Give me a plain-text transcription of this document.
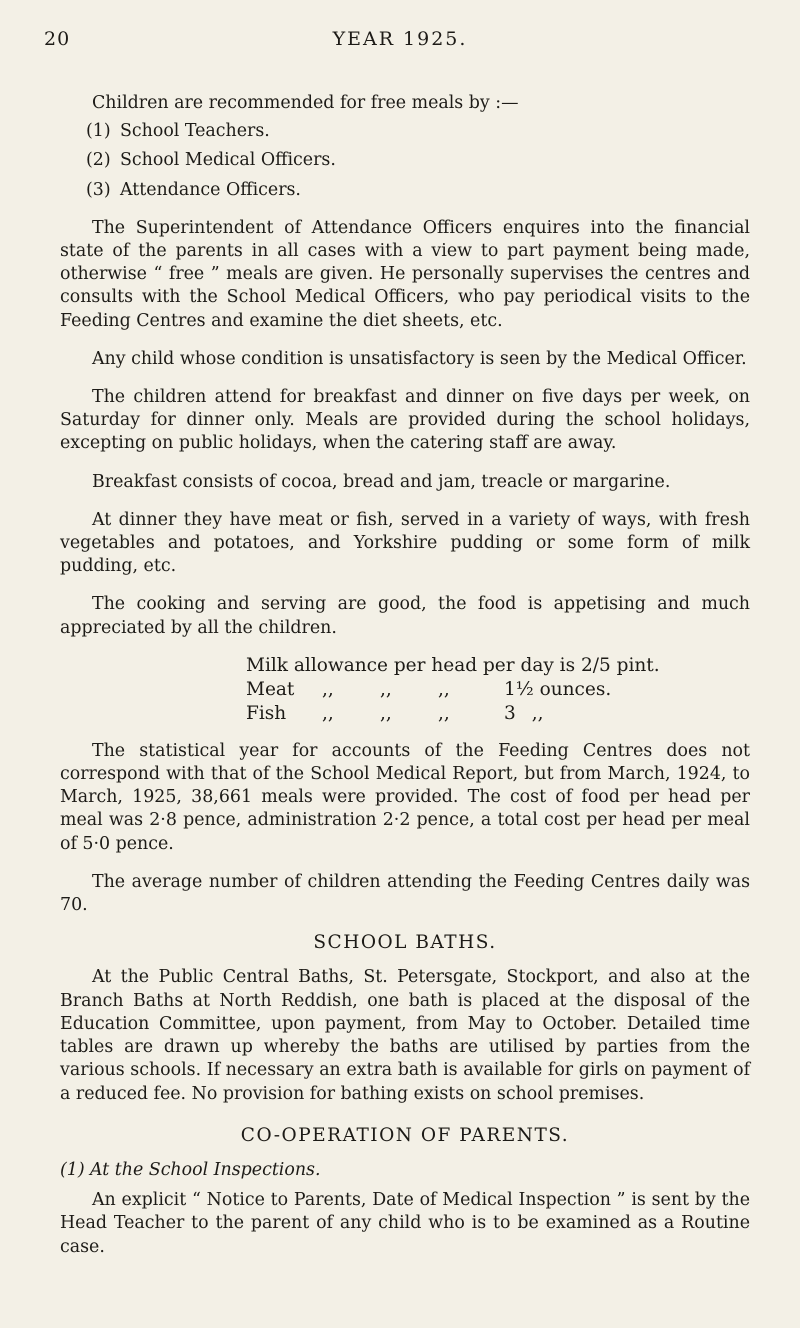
20	YEAR 1925.

Children are recommended for free meals by :—

(1) School Teachers.
(2) School Medical Officers.
(3) Attendance Officers.

The Superintendent of Attendance Officers enquires into the financial state of the parents in all cases with a view to part payment being made, otherwise “ free ” meals are given. He personally supervises the centres and consults with the School Medical Officers, who pay periodical visits to the Feeding Centres and examine the diet sheets, etc.

Any child whose condition is unsatisfactory is seen by the Medical Officer.

The children attend for breakfast and dinner on five days per week, on Saturday for dinner only. Meals are provided during the school holidays, excepting on public holidays, when the catering staff are away.

Breakfast consists of cocoa, bread and jam, treacle or margarine.

At dinner they have meat or fish, served in a variety of ways, with fresh vegetables and potatoes, and Yorkshire pudding or some form of milk pudding, etc.

The cooking and serving are good, the food is appetising and much appreciated by all the children.

Milk allowance per head per day is 2/5 pint.
Meat	,,	,,	,,	1½ ounces.
Fish	,,	,,	,,	3 ,,

The statistical year for accounts of the Feeding Centres does not correspond with that of the School Medical Report, but from March, 1924, to March, 1925, 38,661 meals were provided. The cost of food per head per meal was 2·8 pence, administration 2·2 pence, a total cost per head per meal of 5·0 pence.

The average number of children attending the Feeding Centres daily was 70.

SCHOOL BATHS.

At the Public Central Baths, St. Petersgate, Stockport, and also at the Branch Baths at North Reddish, one bath is placed at the disposal of the Education Committee, upon payment, from May to October. Detailed time tables are drawn up whereby the baths are utilised by parties from the various schools. If necessary an extra bath is available for girls on payment of a reduced fee. No provision for bathing exists on school premises.

CO-OPERATION OF PARENTS.
(1) At the School Inspections.

An explicit “ Notice to Parents, Date of Medical Inspection ” is sent by the Head Teacher to the parent of any child who is to be examined as a Routine case.
